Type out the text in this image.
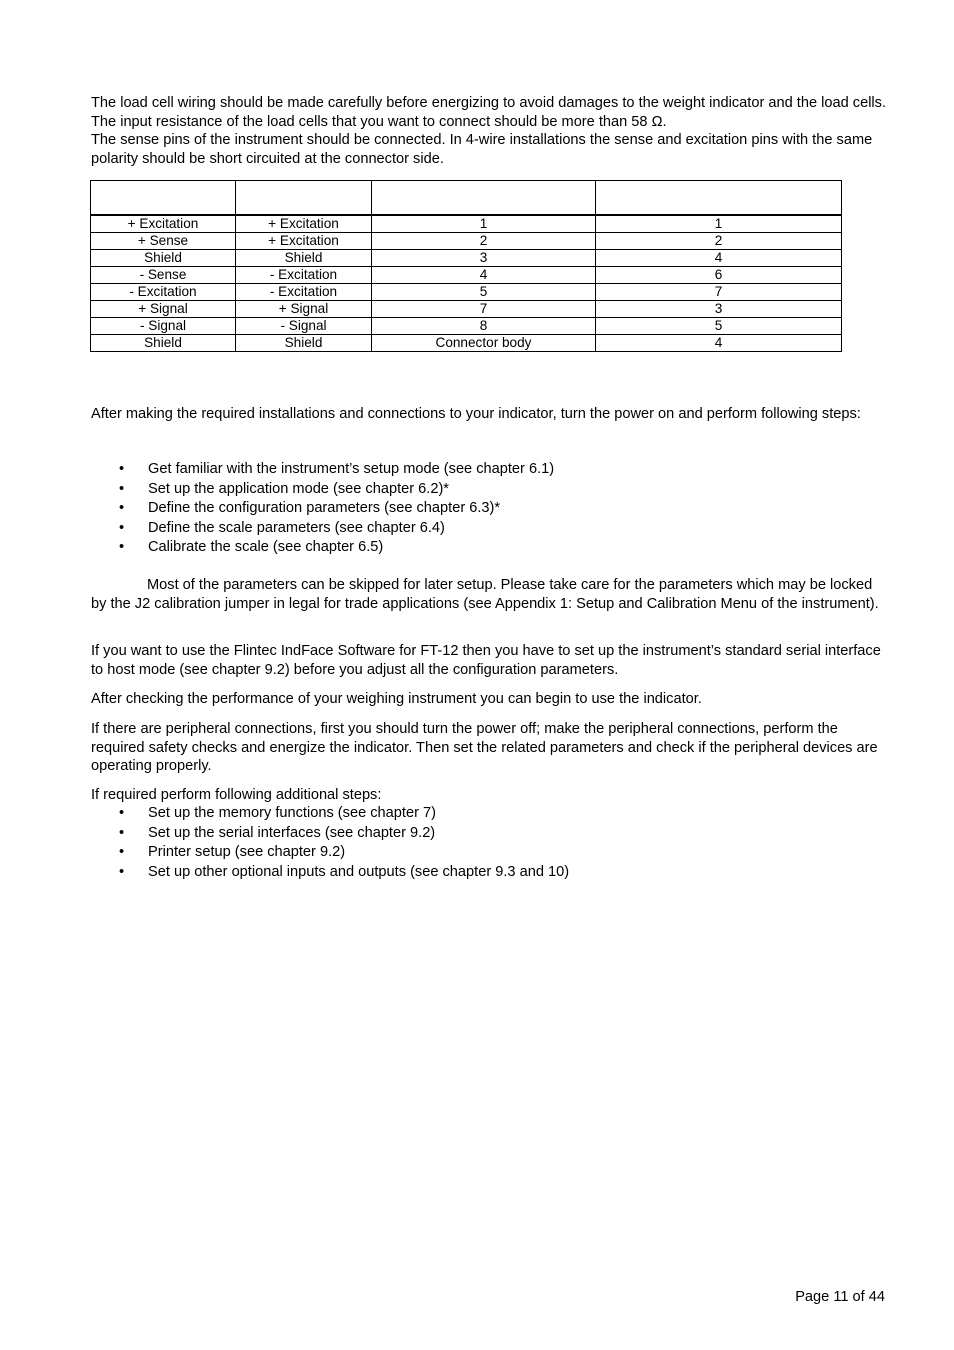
The load cell wiring should be made carefully before energizing to avoid damages to the weight indicator and the load cells. The input resistance of the load cells that you want to connect should be more than 58 Ω.
The sense pins of the instrument should be connected. In 4-wire installations the sense and excitation pins with the same polarity should be short circuited at the connector side.

+ Excitation	+ Excitation	1	1
+ Sense	+ Excitation	2	2
Shield	Shield	3	4
- Sense	- Excitation	4	6
- Excitation	- Excitation	5	7
+ Signal	+ Signal	7	3
- Signal	- Signal	8	5
Shield	Shield	Connector body	4

After making the required installations and connections to your indicator, turn the power on and perform following steps:

• Get familiar with the instrument’s setup mode (see chapter 6.1)
• Set up the application mode (see chapter 6.2)*
• Define the configuration parameters (see chapter 6.3)*
• Define the scale parameters (see chapter 6.4)
• Calibrate the scale (see chapter 6.5)

Most of the parameters can be skipped for later setup. Please take care for the parameters which may be locked by the J2 calibration jumper in legal for trade applications (see Appendix 1: Setup and Calibration Menu of the instrument).

If you want to use the Flintec IndFace Software for FT-12 then you have to set up the instrument’s standard serial interface to host mode (see chapter 9.2) before you adjust all the configuration parameters.

After checking the performance of your weighing instrument you can begin to use the indicator.

If there are peripheral connections, first you should turn the power off; make the peripheral connections, perform the required safety checks and energize the indicator. Then set the related parameters and check if the peripheral devices are operating properly.

If required perform following additional steps:

• Set up the memory functions (see chapter 7)
• Set up the serial interfaces (see chapter 9.2)
• Printer setup (see chapter 9.2)
• Set up other optional inputs and outputs (see chapter 9.3 and 10)
Page 11 of 44
